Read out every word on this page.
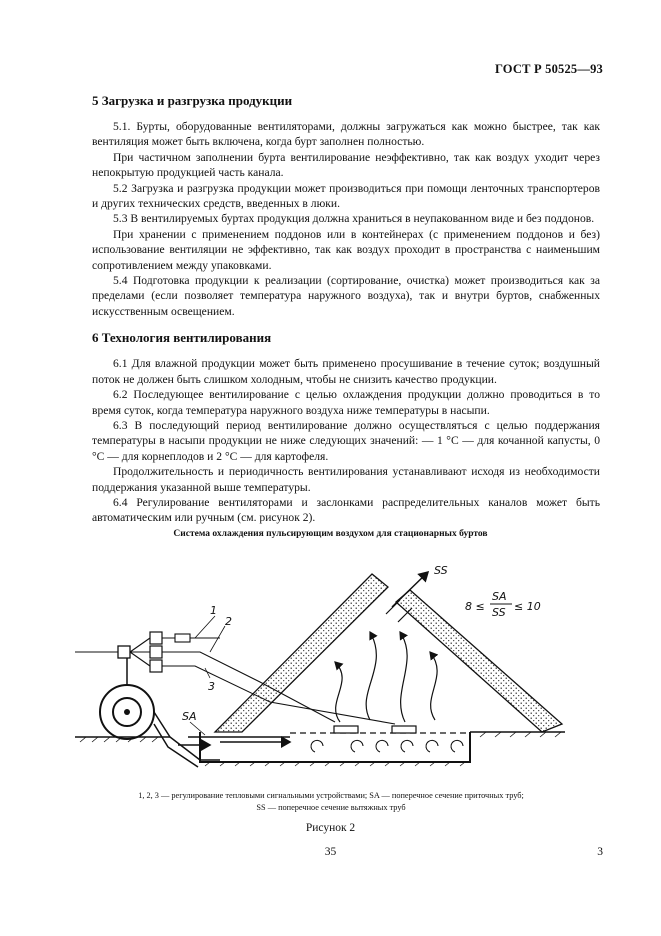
ГОСТ Р 50525—93
5 Загрузка и разгрузка продукции

5.1. Бурты, оборудованные вентиляторами, должны загружаться как можно быстрее, так как вентиляция может быть включена, когда бурт заполнен полностью.

При частичном заполнении бурта вентилирование неэффективно, так как воздух уходит через непокрытую продукцией часть канала.

5.2 Загрузка и разгрузка продукции может производиться при помощи ленточных транспортеров и других технических средств, введенных в люки.

5.3 В вентилируемых буртах продукция должна храниться в неупакованном виде и без поддонов.

При хранении с применением поддонов или в контейнерах (с применением поддонов и без) использование вентиляции не эффективно, так как воздух проходит в пространства с наименьшим сопротивлением между упаковками.

5.4 Подготовка продукции к реализации (сортирование, очистка) может производиться как за пределами (если позволяет температура наружного воздуха), так и внутри буртов, снабженных искусственным освещением.

6 Технология вентилирования

6.1 Для влажной продукции может быть применено просушивание в течение суток; воздушный поток не должен быть слишком холодным, чтобы не снизить качество продукции.

6.2 Последующее вентилирование с целью охлаждения продукции должно проводиться в то время суток, когда температура наружного воздуха ниже температуры в насыпи.

6.3 В последующий период вентилирование должно осуществляться с целью поддержания температуры в насыпи продукции не ниже следующих значений: — 1 °С — для кочанной капусты, 0 °С — для корнеплодов и 2 °С — для картофеля.

Продолжительность и периодичность вентилирования устанавливают исходя из необходимости поддержания указанной выше температуры.

6.4 Регулирование вентиляторами и заслонками распределительных каналов может быть автоматическим или ручным (см. рисунок 2).

Система охлаждения пульсирующим воздухом для стационарных буртов
1
2
3
SA
SS
8 ≤
SA
SS ≤ 10
1, 2, 3 — регулирование тепловыми сигнальными устройствами; SA — поперечное сечение приточных труб;
SS — поперечное сечение вытяжных труб
Рисунок 2
35	3
